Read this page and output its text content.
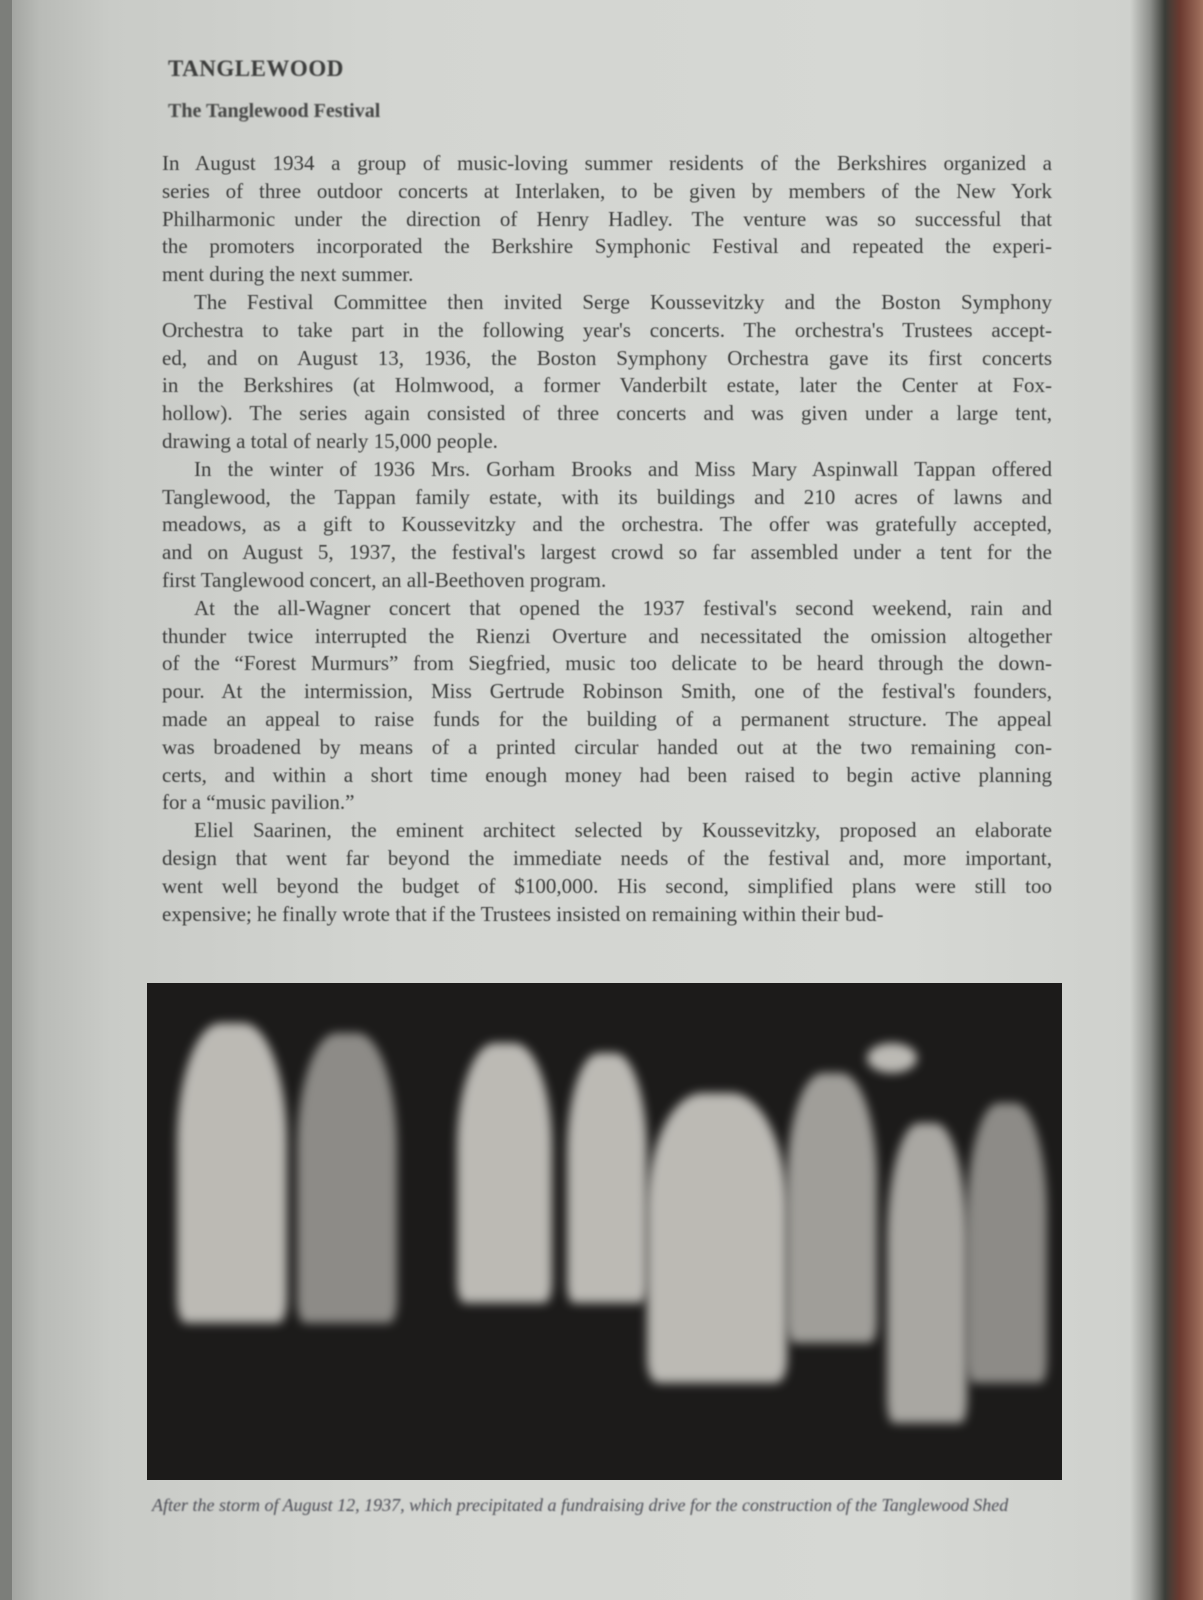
TANGLEWOOD
The Tanglewood Festival
In August 1934 a group of music-loving summer residents of the Berkshires organized a
series of three outdoor concerts at Interlaken, to be given by members of the New York
Philharmonic under the direction of Henry Hadley. The venture was so successful that
the promoters incorporated the Berkshire Symphonic Festival and repeated the experi-
ment during the next summer.
The Festival Committee then invited Serge Koussevitzky and the Boston Symphony
Orchestra to take part in the following year's concerts. The orchestra's Trustees accept-
ed, and on August 13, 1936, the Boston Symphony Orchestra gave its first concerts
in the Berkshires (at Holmwood, a former Vanderbilt estate, later the Center at Fox-
hollow). The series again consisted of three concerts and was given under a large tent,
drawing a total of nearly 15,000 people.
In the winter of 1936 Mrs. Gorham Brooks and Miss Mary Aspinwall Tappan offered
Tanglewood, the Tappan family estate, with its buildings and 210 acres of lawns and
meadows, as a gift to Koussevitzky and the orchestra. The offer was gratefully accepted,
and on August 5, 1937, the festival's largest crowd so far assembled under a tent for the
first Tanglewood concert, an all-Beethoven program.
At the all-Wagner concert that opened the 1937 festival's second weekend, rain and
thunder twice interrupted the Rienzi Overture and necessitated the omission altogether
of the “Forest Murmurs” from Siegfried, music too delicate to be heard through the down-
pour. At the intermission, Miss Gertrude Robinson Smith, one of the festival's founders,
made an appeal to raise funds for the building of a permanent structure. The appeal
was broadened by means of a printed circular handed out at the two remaining con-
certs, and within a short time enough money had been raised to begin active planning
for a “music pavilion.”
Eliel Saarinen, the eminent architect selected by Koussevitzky, proposed an elaborate
design that went far beyond the immediate needs of the festival and, more important,
went well beyond the budget of $100,000. His second, simplified plans were still too
expensive; he finally wrote that if the Trustees insisted on remaining within their bud-
After the storm of August 12, 1937, which precipitated a fundraising drive for the construction of the Tanglewood Shed
